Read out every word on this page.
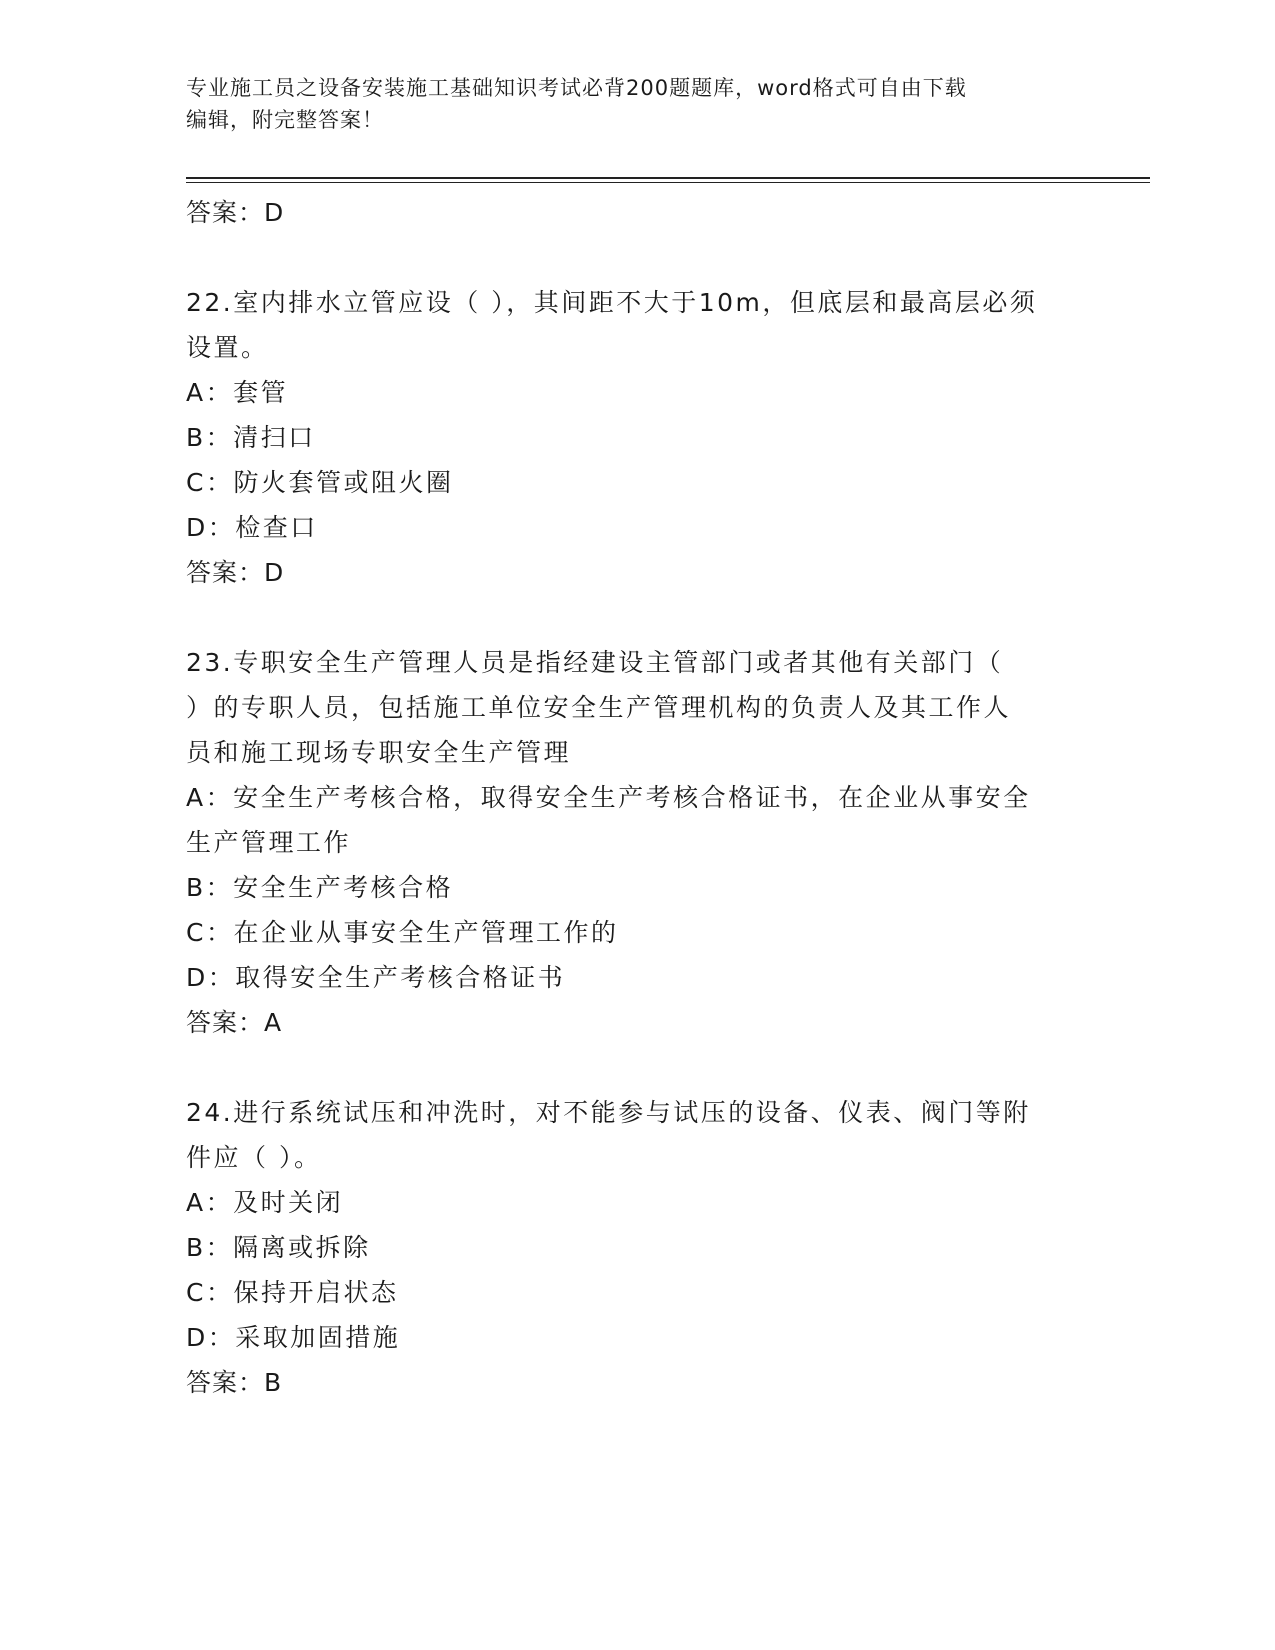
专业施工员之设备安装施工基础知识考试必背200题题库，word格式可自由下载
编辑，附完整答案！
答案：D
22.室内排水立管应设（ ），其间距不大于10m，但底层和最高层必须
设置。
A：套管
B：清扫口
C：防火套管或阻火圈
D：检查口
答案：D
23.专职安全生产管理人员是指经建设主管部门或者其他有关部门（
）的专职人员，包括施工单位安全生产管理机构的负责人及其工作人
员和施工现场专职安全生产管理
A：安全生产考核合格，取得安全生产考核合格证书，在企业从事安全
生产管理工作
B：安全生产考核合格
C：在企业从事安全生产管理工作的
D：取得安全生产考核合格证书
答案：A
24.进行系统试压和冲洗时，对不能参与试压的设备、仪表、阀门等附
件应（ ）。
A：及时关闭
B：隔离或拆除
C：保持开启状态
D：采取加固措施
答案：B
